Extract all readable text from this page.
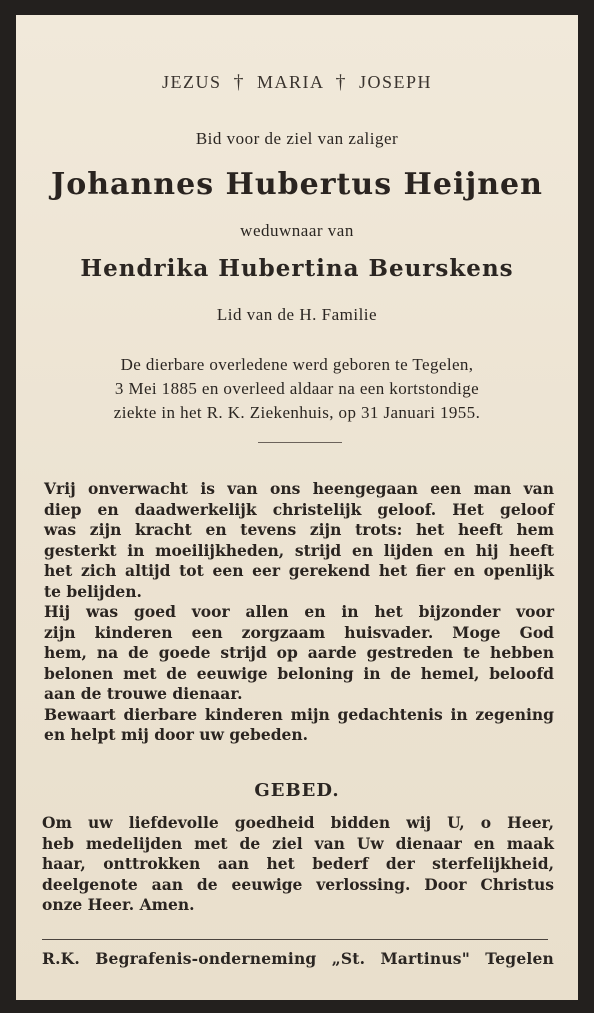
JEZUS † MARIA † JOSEPH
Bid voor de ziel van zaliger
Johannes Hubertus Heijnen
weduwnaar van
Hendrika Hubertina Beurskens
Lid van de H. Familie
De dierbare overledene werd geboren te Tegelen,
3 Mei 1885 en overleed aldaar na een kortstondige
ziekte in het R. K. Ziekenhuis, op 31 Januari 1955.
Vrij onverwacht is van ons heengegaan een man van
diep en daadwerkelijk christelijk geloof. Het geloof
was zijn kracht en tevens zijn trots: het heeft hem
gesterkt in moeilijkheden, strijd en lijden en hij heeft
het zich altijd tot een eer gerekend het fier en openlijk
te belijden.
Hij was goed voor allen en in het bijzonder voor
zijn kinderen een zorgzaam huisvader. Moge God
hem, na de goede strijd op aarde gestreden te hebben
belonen met de eeuwige beloning in de hemel, beloofd
aan de trouwe dienaar.
Bewaart dierbare kinderen mijn gedachtenis in zegening
en helpt mij door uw gebeden.
GEBED.
Om uw liefdevolle goedheid bidden wij U, o Heer,
heb medelijden met de ziel van Uw dienaar en maak
haar, onttrokken aan het bederf der sterfelijkheid,
deelgenote aan de eeuwige verlossing. Door Christus
onze Heer. Amen.
R.K. Begrafenis-onderneming „St. Martinus" Tegelen
